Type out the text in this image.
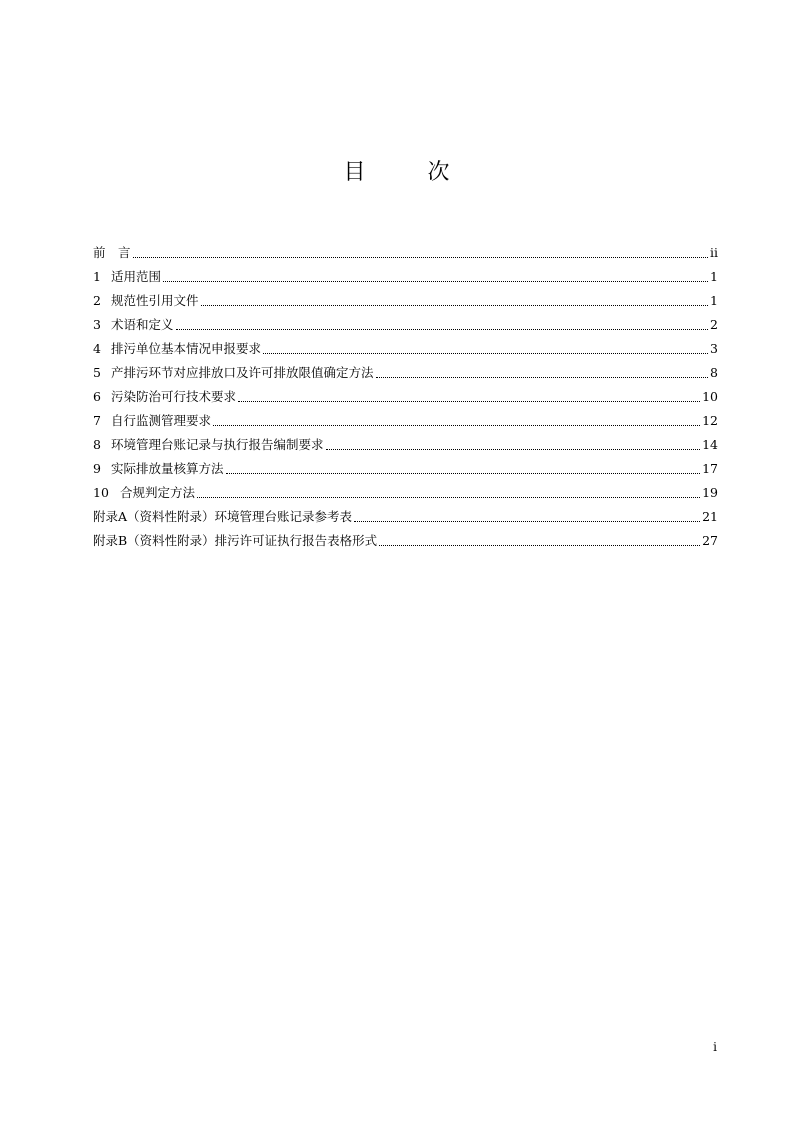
目　次
前　言	ii
1 适用范围	1
2 规范性引用文件	1
3 术语和定义	2
4 排污单位基本情况申报要求	3
5 产排污环节对应排放口及许可排放限值确定方法	8
6 污染防治可行技术要求	10
7 自行监测管理要求	12
8 环境管理台账记录与执行报告编制要求	14
9 实际排放量核算方法	17
10 合规判定方法	19
附录A（资料性附录）环境管理台账记录参考表	21
附录B（资料性附录）排污许可证执行报告表格形式	27
i
